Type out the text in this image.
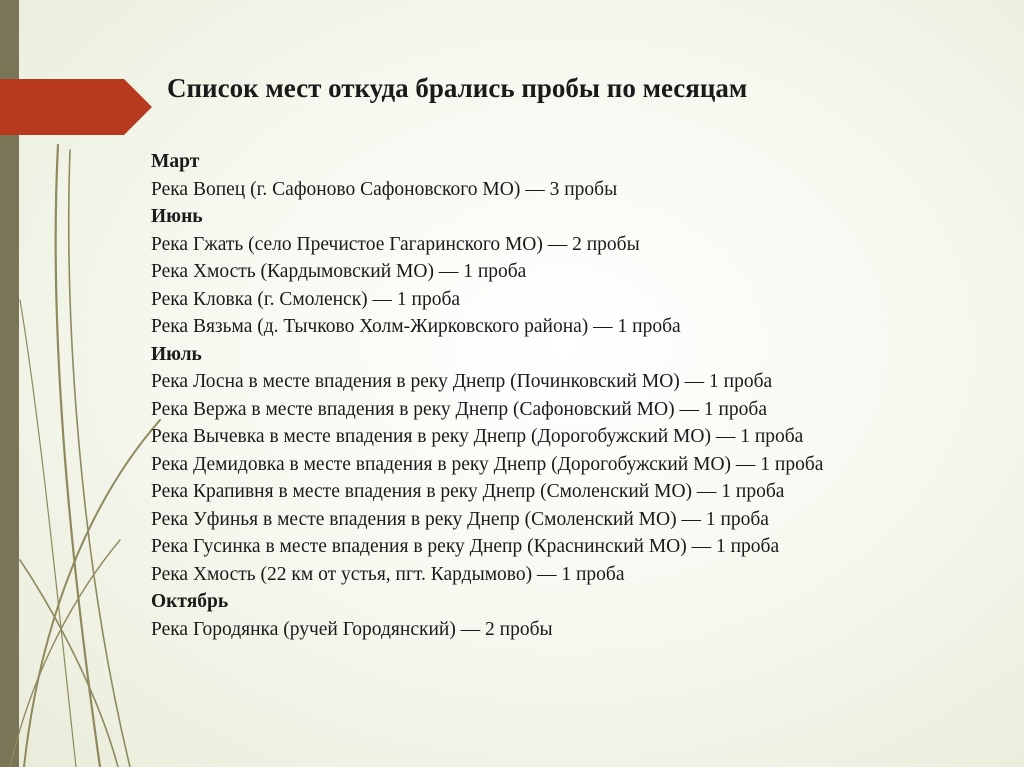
Список мест откуда брались пробы по месяцам

Март

Река Вопец (г. Сафоново Сафоновского МО) — 3 пробы

Июнь

Река Гжать (село Пречистое Гагаринского МО) — 2 пробы

Река Хмость (Кардымовский МО) — 1 проба

Река Кловка (г. Смоленск) — 1 проба

Река Вязьма (д. Тычково Холм-Жирковского района) — 1 проба

Июль

Река Лосна в месте впадения в реку Днепр (Починковский МО) — 1 проба

Река Вержа в месте впадения в реку Днепр (Сафоновский МО) — 1 проба

Река Вычевка в месте впадения в реку Днепр (Дорогобужский МО) — 1 проба

Река Демидовка в месте впадения в реку Днепр (Дорогобужский МО) — 1 проба

Река Крапивня в месте впадения в реку Днепр (Смоленский МО) — 1 проба

Река Уфинья в месте впадения в реку Днепр (Смоленский МО) — 1 проба

Река Гусинка в месте впадения в реку Днепр (Краснинский МО) — 1 проба

Река Хмость (22 км от устья, пгт. Кардымово) — 1 проба

Октябрь

Река Городянка (ручей Городянский) — 2 пробы
